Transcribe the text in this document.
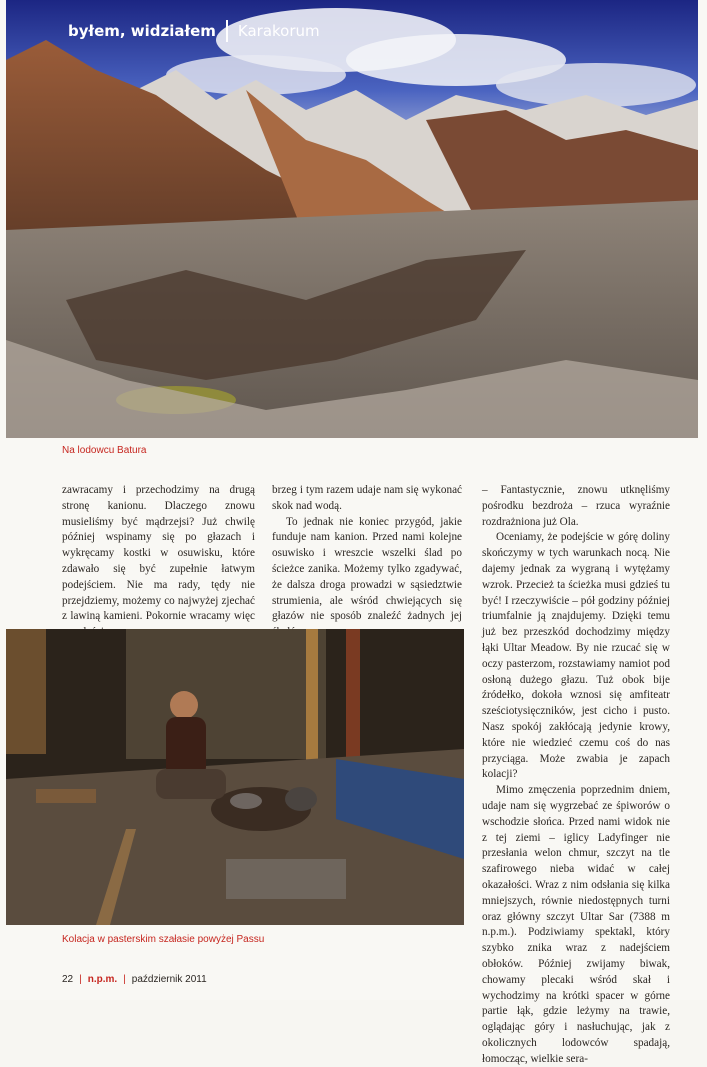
byłem, widziałem Karakorum
Na lodowcu Batura

zawracamy i przechodzimy na drugą stronę kanionu. Dlaczego znowu musieliśmy być mądrzejsi? Już chwilę później wspinamy się po głazach i wykręcamy kostki w osuwisku, które zdawało się być zupełnie łatwym podejściem. Nie ma rady, tędy nie przejdziemy, możemy co najwyżej zjechać z lawiną kamieni. Pokornie wracamy więc

brzeg i tym razem udaje nam się wykonać skok nad wodą.

To jednak nie koniec przygód, jakie funduje nam kanion. Przed nami kolejne osuwisko i wreszcie wszelki ślad po ścieżce zanika. Możemy tylko zgadywać, że dalsza droga prowadzi w sąsiedztwie strumienia, ale wśród chwiejących się głazów nie sposób znaleźć żadnych jej

– Fantastycznie, znowu utknęliśmy pośrodku bezdroża – rzuca wyraźnie rozdrażniona już Ola.

Oceniamy, że podejście w górę doliny skończymy w tych warunkach nocą. Nie dajemy jednak za wygraną i wytężamy wzrok. Przecież ta ścieżka musi gdzieś tu być! I rzeczywiście – pół godziny później triumfalnie ją znajdujemy. Dzięki temu już bez przeszkód dochodzimy między łąki Ultar Meadow. By nie rzucać się w oczy pasterzom, rozstawiamy namiot pod osłoną dużego głazu. Tuż obok bije źródełko, dokoła wznosi się amfiteatr sześciotysięczników, jest cicho i pusto. Nasz spokój zakłócają jedynie krowy, które nie wiedzieć czemu coś do nas przyciąga. Może zwabia je zapach kolacji?

Mimo zmęczenia poprzednim dniem, udaje nam się wygrzebać ze śpiworów o wschodzie słońca. Przed nami widok nie z tej ziemi – iglicy Ladyfinger nie przesłania welon chmur, szczyt na tle szafirowego nieba widać w całej okazałości. Wraz z nim odsłania się kilka mniejszych, równie niedostępnych turni oraz główny szczyt Ultar Sar (7388 m n.p.m.). Podziwiamy spektakl, który szybko znika wraz z nadejściem obłoków. Później zwijamy biwak, chowamy plecaki wśród skał i wychodzimy na krótki spacer w górne partie łąk, gdzie leżymy na trawie, oglądając góry i nasłuchując, jak z okolicznych lodowców spadają, łomocząc, wielkie sera-

Kolacja w pasterskim szałasie powyżej Passu
22 | n.p.m. | październik 2011
